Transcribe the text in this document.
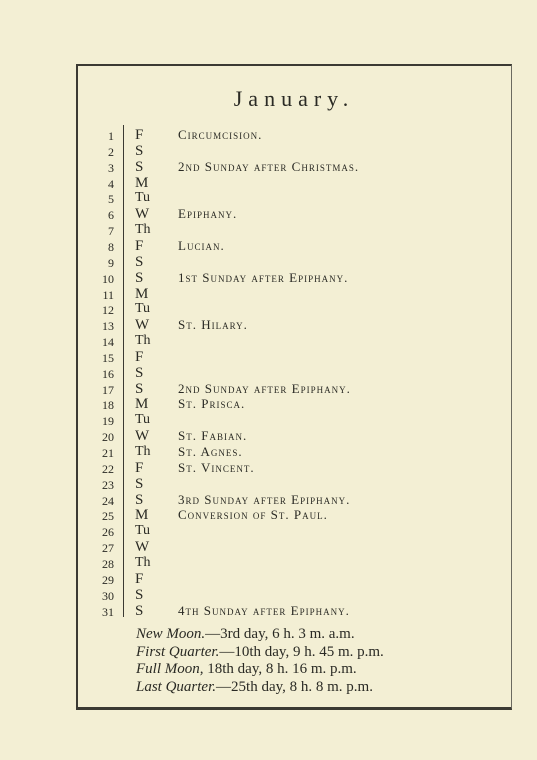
January.
1 F	Circumcision.
2 S
3 S	2nd Sunday after Christmas.
4 M
5 Tu
6 W Epiphany.
7 Th
8 F	Lucian.
9 S
10 S	1st Sunday after Epiphany.
11 M
12 Tu
13 W St. Hilary.
14 Th
15 F
16 S
17 S	2nd Sunday after Epiphany.
18 M St. Prisca.
19 Tu
20 W St. Fabian.
21 Th St. Agnes.
22 F	St. Vincent.
23 S
24 S	3rd Sunday after Epiphany.
25 M Conversion of St. Paul.
26 Tu
27 W
28 Th
29 F
30 S
31 S	4th Sunday after Epiphany.
New Moon.—3rd day, 6 h. 3 m. a.m.
First Quarter.—10th day, 9 h. 45 m. p.m.
Full Moon, 18th day, 8 h. 16 m. p.m.
Last Quarter.—25th day, 8 h. 8 m. p.m.
